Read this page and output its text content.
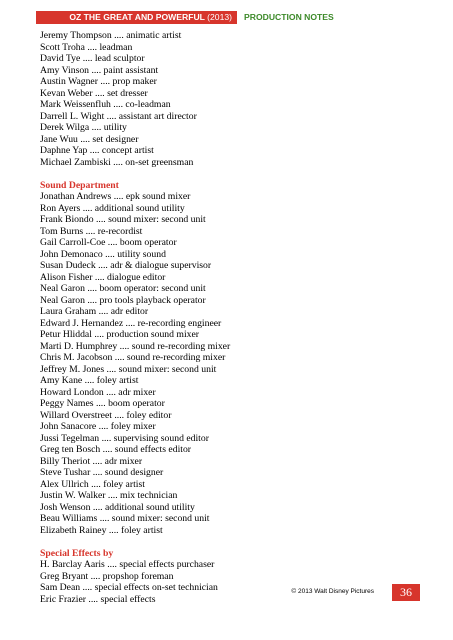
OZ THE GREAT AND POWERFUL (2013)	PRODUCTION NOTES
Jeremy Thompson .... animatic artist
Scott Troha .... leadman
David Tye .... lead sculptor
Amy Vinson .... paint assistant
Austin Wagner .... prop maker
Kevan Weber .... set dresser
Mark Weissenfluh .... co-leadman
Darrell L. Wight .... assistant art director
Derek Wilga .... utility
Jane Wuu .... set designer
Daphne Yap .... concept artist
Michael Zambiski .... on-set greensman
Sound Department
Jonathan Andrews .... epk sound mixer
Ron Ayers .... additional sound utility
Frank Biondo .... sound mixer: second unit
Tom Burns .... re-recordist
Gail Carroll-Coe .... boom operator
John Demonaco .... utility sound
Susan Dudeck .... adr & dialogue supervisor
Alison Fisher .... dialogue editor
Neal Garon .... boom operator: second unit
Neal Garon .... pro tools playback operator
Laura Graham .... adr editor
Edward J. Hernandez .... re-recording engineer
Petur Hliddal .... production sound mixer
Marti D. Humphrey .... sound re-recording mixer
Chris M. Jacobson .... sound re-recording mixer
Jeffrey M. Jones .... sound mixer: second unit
Amy Kane .... foley artist
Howard London .... adr mixer
Peggy Names .... boom operator
Willard Overstreet .... foley editor
John Sanacore .... foley mixer
Jussi Tegelman .... supervising sound editor
Greg ten Bosch .... sound effects editor
Billy Theriot .... adr mixer
Steve Tushar .... sound designer
Alex Ullrich .... foley artist
Justin W. Walker .... mix technician
Josh Wenson .... additional sound utility
Beau Williams .... sound mixer: second unit
Elizabeth Rainey .... foley artist
Special Effects by
H. Barclay Aaris .... special effects purchaser
Greg Bryant .... propshop foreman
Sam Dean .... special effects on-set technician
Eric Frazier .... special effects
© 2013 Walt Disney Pictures	36
